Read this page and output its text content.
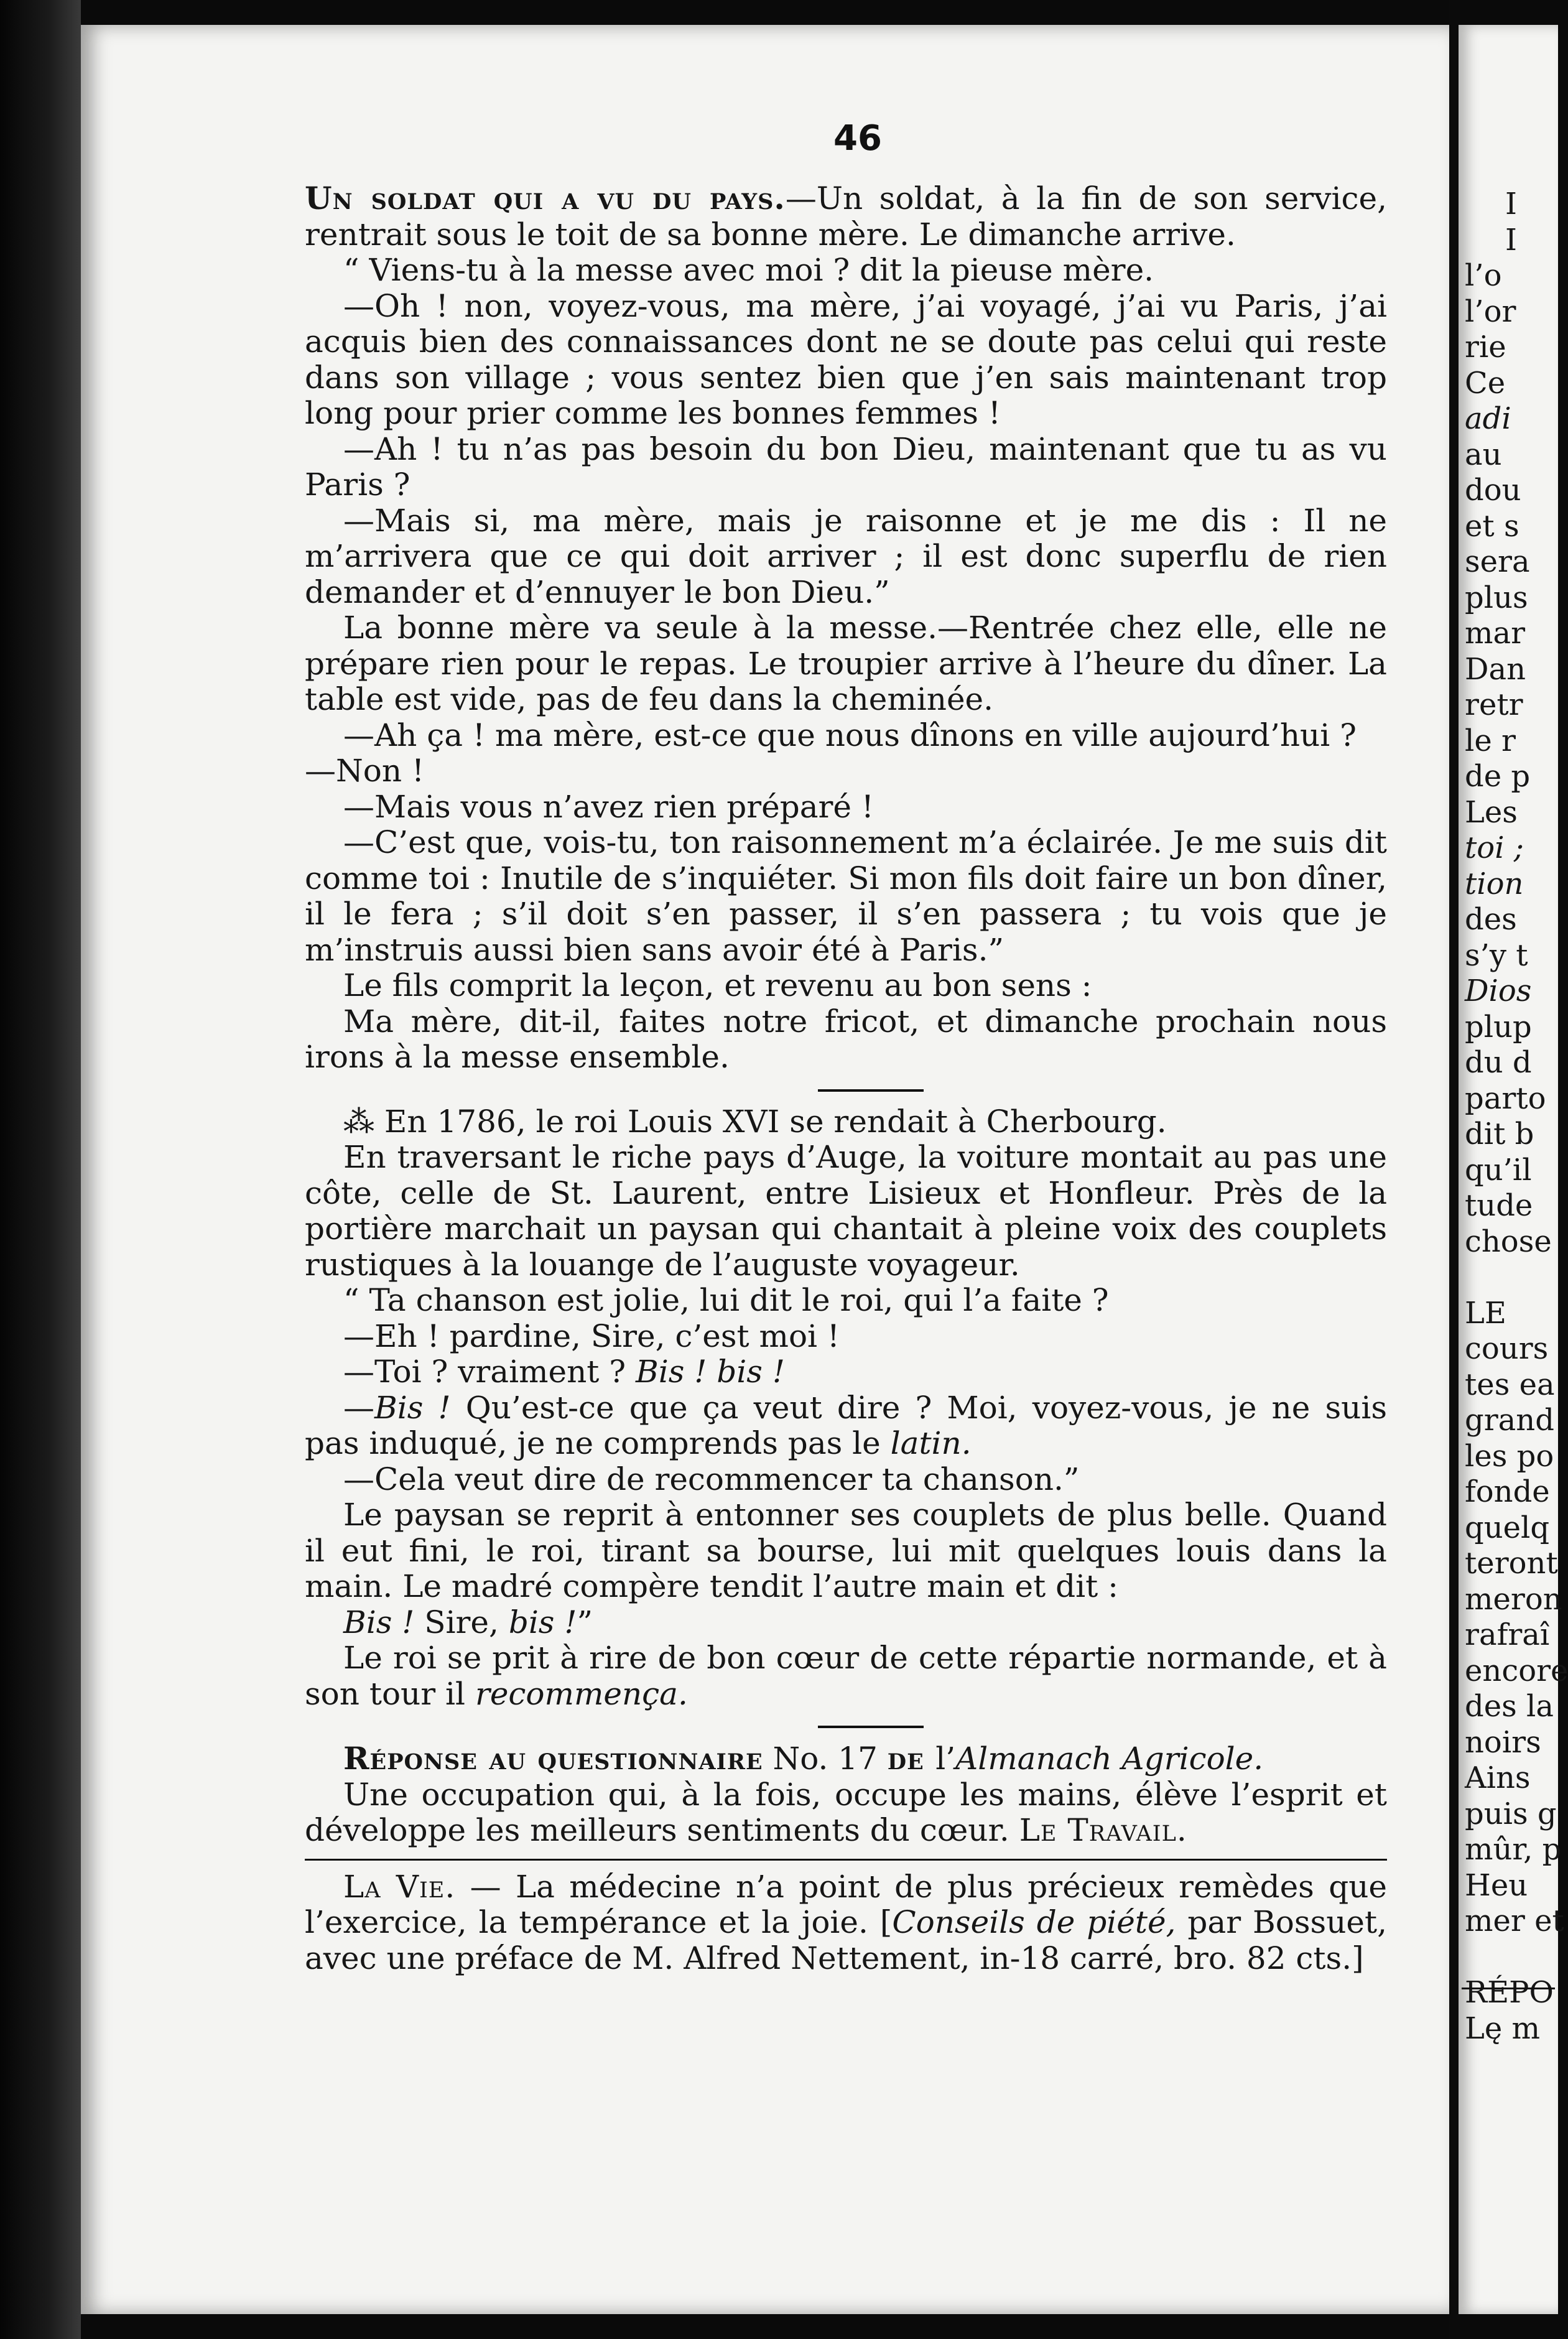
46

Un soldat qui a vu du pays.—Un soldat, à la fin de son service, rentrait sous le toit de sa bonne mère. Le dimanche arrive.

“ Viens-tu à la messe avec moi ? dit la pieuse mère.

—Oh ! non, voyez-vous, ma mère, j’ai voyagé, j’ai vu Paris, j’ai acquis bien des connaissances dont ne se doute pas celui qui reste dans son village ; vous sentez bien que j’en sais maintenant trop long pour prier comme les bonnes femmes !

—Ah ! tu n’as pas besoin du bon Dieu, maintenant que tu as vu Paris ?

—Mais si, ma mère, mais je raisonne et je me dis : Il ne m’arrivera que ce qui doit arriver ; il est donc superflu de rien demander et d’ennuyer le bon Dieu.”

La bonne mère va seule à la messe.—Rentrée chez elle, elle ne prépare rien pour le repas. Le troupier arrive à l’heure du dîner. La table est vide, pas de feu dans la cheminée.

—Ah ça ! ma mère, est-ce que nous dînons en ville aujourd’hui ?

—Non !

—Mais vous n’avez rien préparé !

—C’est que, vois-tu, ton raisonnement m’a éclairée. Je me suis dit comme toi : Inutile de s’inquiéter. Si mon fils doit faire un bon dîner, il le fera ; s’il doit s’en passer, il s’en passera ; tu vois que je m’instruis aussi bien sans avoir été à Paris.”

Le fils comprit la leçon, et revenu au bon sens :

Ma mère, dit-il, faites notre fricot, et dimanche prochain nous irons à la messe ensemble.

⁂ En 1786, le roi Louis XVI se rendait à Cherbourg.

En traversant le riche pays d’Auge, la voiture montait au pas une côte, celle de St. Laurent, entre Lisieux et Honfleur. Près de la portière marchait un paysan qui chantait à pleine voix des couplets rustiques à la louange de l’auguste voyageur.

“ Ta chanson est jolie, lui dit le roi, qui l’a faite ?

—Eh ! pardine, Sire, c’est moi !

—Toi ? vraiment ? Bis ! bis !

—Bis ! Qu’est-ce que ça veut dire ? Moi, voyez-vous, je ne suis pas induqué, je ne comprends pas le latin.

—Cela veut dire de recommencer ta chanson.”

Le paysan se reprit à entonner ses couplets de plus belle. Quand il eut fini, le roi, tirant sa bourse, lui mit quelques louis dans la main. Le madré compère tendit l’autre main et dit :

Bis ! Sire, bis !”

Le roi se prit à rire de bon cœur de cette répartie normande, et à son tour il recommença.

Réponse au questionnaire No. 17 de l’Almanach Agricole.

Une occupation qui, à la fois, occupe les mains, élève l’esprit et développe les meilleurs sentiments du cœur. Le Travail.

La Vie. — La médecine n’a point de plus précieux remèdes que l’exercice, la tempérance et la joie. [Conseils de piété, par Bossuet, avec une préface de M. Alfred Nettement, in-18 carré, bro. 82 cts.]

I
I
l’o
l’or
rie
Ce
adi
au
dou
et s
sera
plus
mar
Dan
retr
le r
de p
Les
toi ;
tion
des
s’y t
Dios
plup
du d
parto
dit b
qu’il
tude
chose
LE
cours
tes ea
grand
les po
fonde
quelq
teront
meron
rafraî
encore
des la
noirs
Ains
puis g
mûr, p
Heu
mer et
RÉPO
Lę m
